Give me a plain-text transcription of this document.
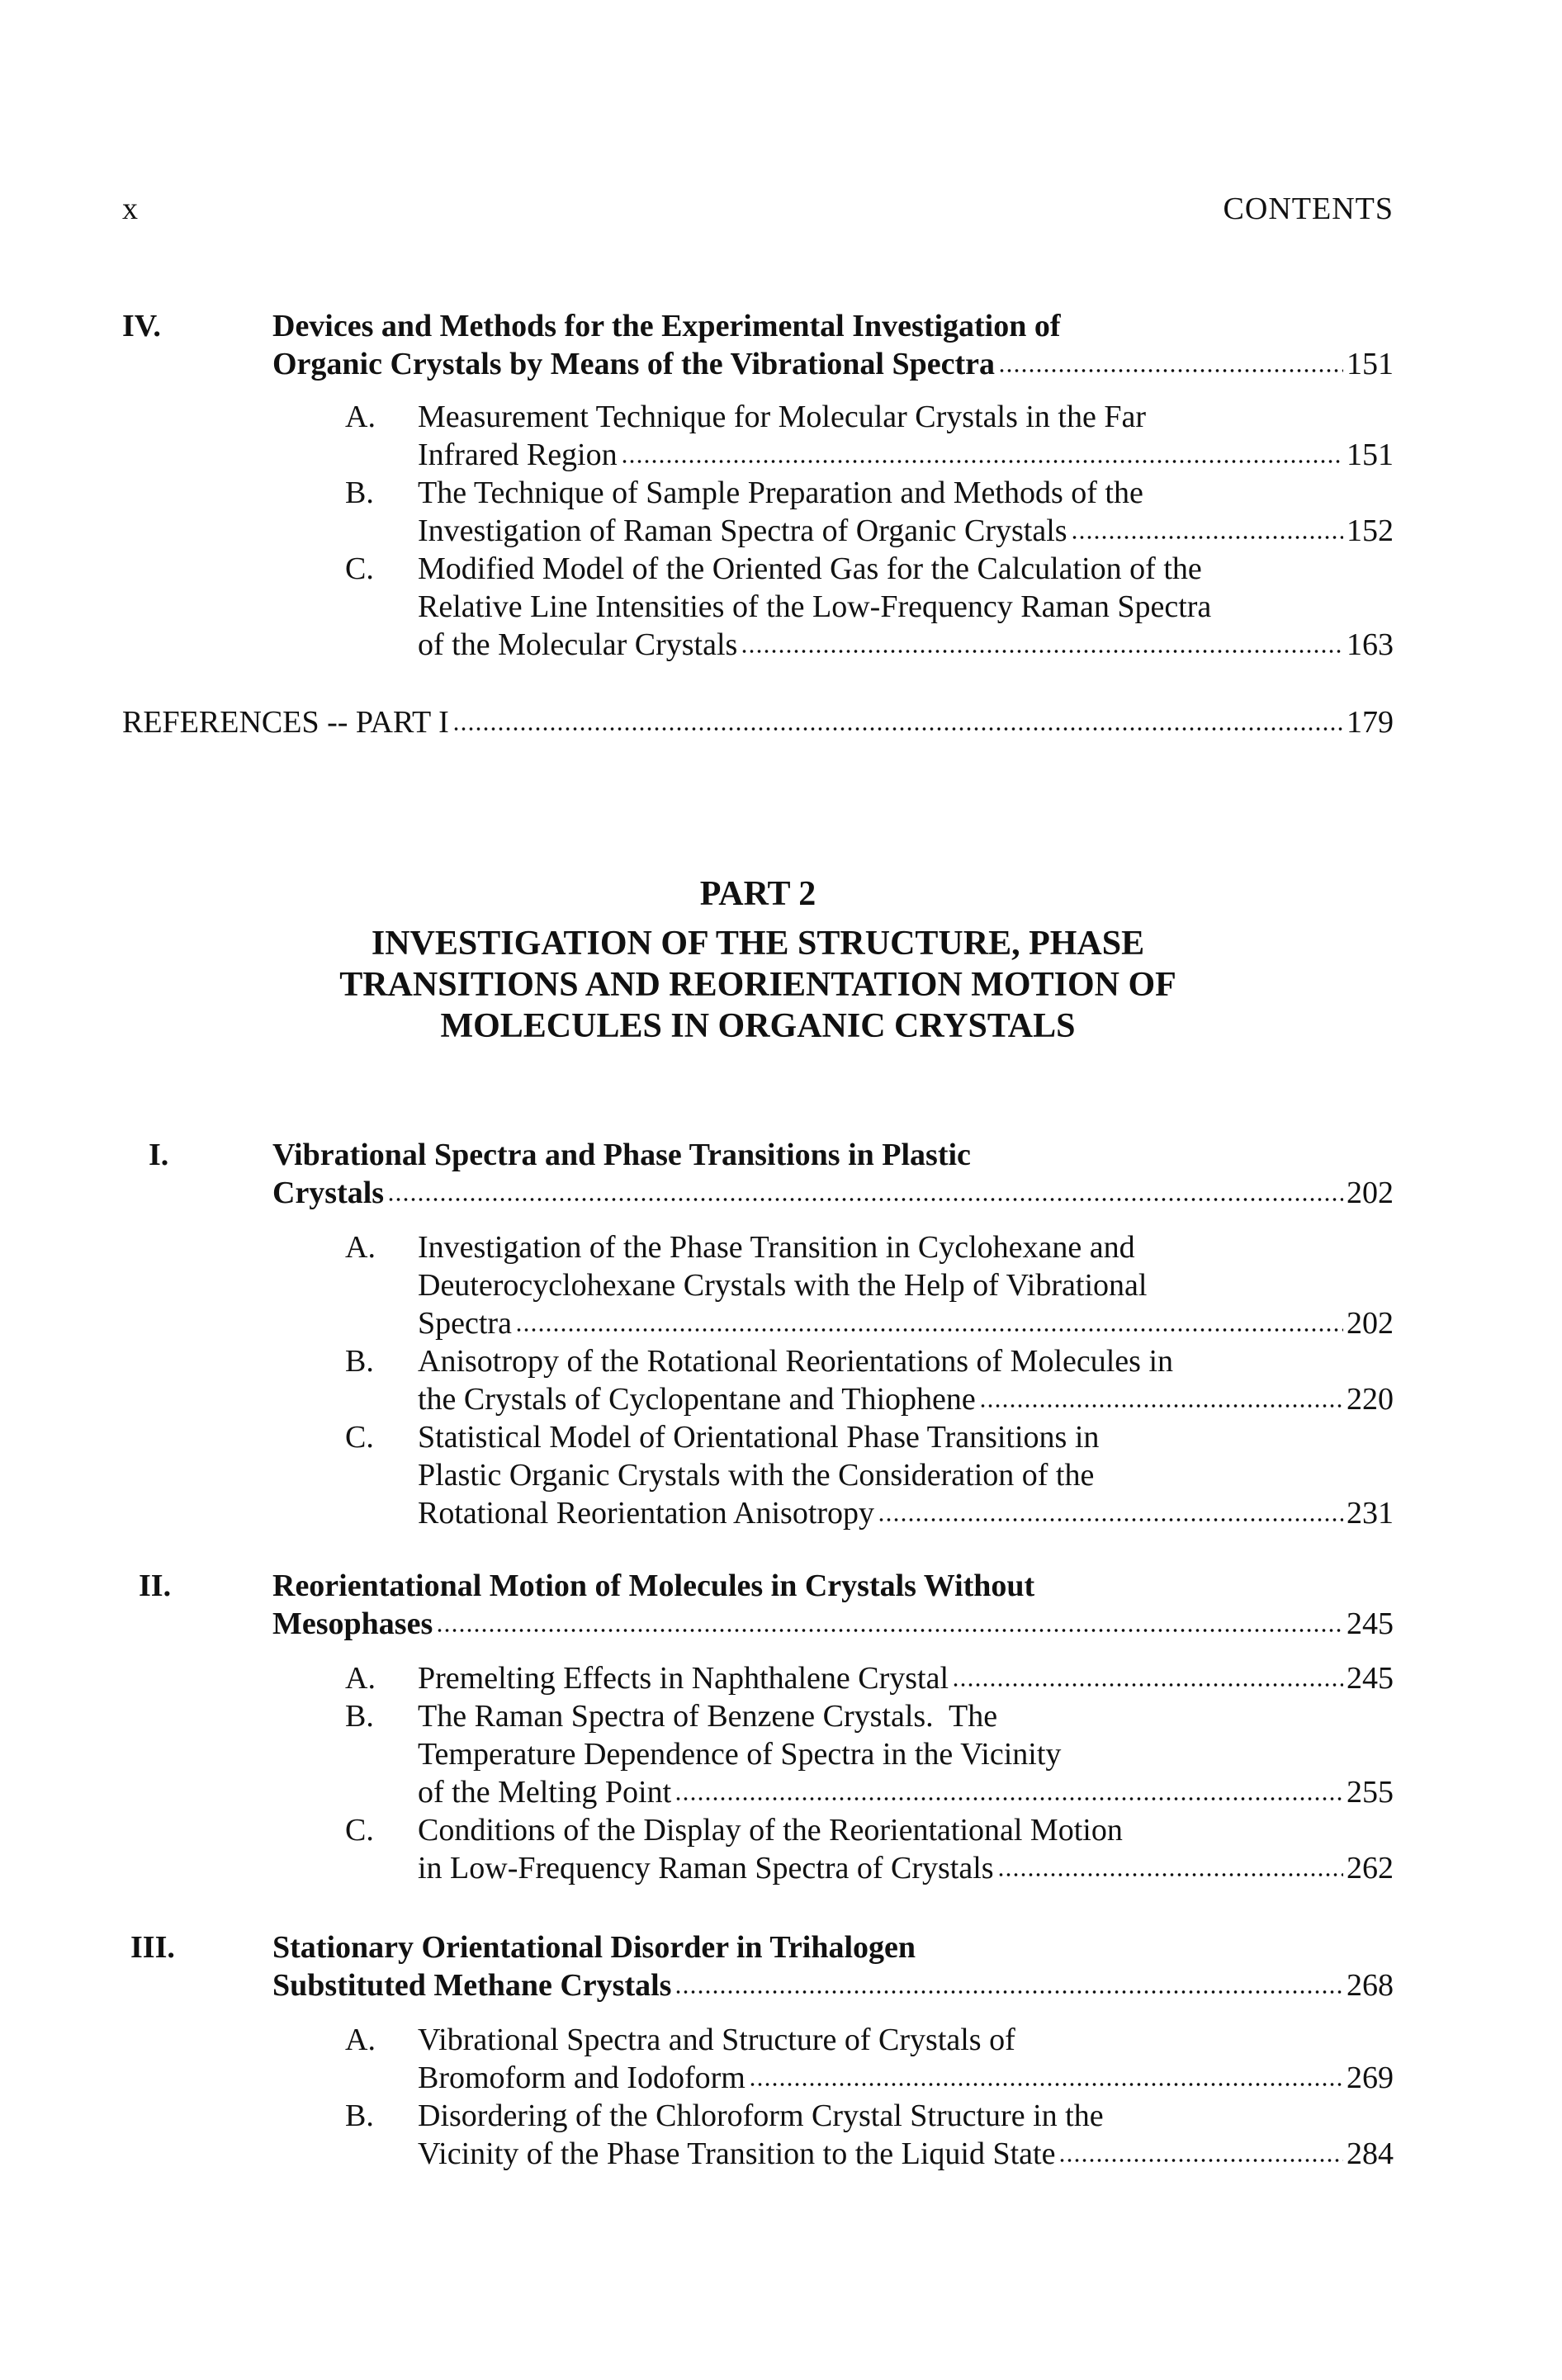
x	CONTENTS
IV.	Devices and Methods for the Experimental Investigation of
Organic Crystals by Means of the Vibrational Spectra	151
A. Measurement Technique for Molecular Crystals in the Far
Infrared Region	151
B. The Technique of Sample Preparation and Methods of the
Investigation of Raman Spectra of Organic Crystals	152
C. Modified Model of the Oriented Gas for the Calculation of the
Relative Line Intensities of the Low-Frequency Raman Spectra
of the Molecular Crystals	163
REFERENCES -- PART I	179
PART 2
INVESTIGATION OF THE STRUCTURE, PHASE
TRANSITIONS AND REORIENTATION MOTION OF
MOLECULES IN ORGANIC CRYSTALS
I.	Vibrational Spectra and Phase Transitions in Plastic
Crystals	202
A. Investigation of the Phase Transition in Cyclohexane and
Deuterocyclohexane Crystals with the Help of Vibrational
Spectra	202
B. Anisotropy of the Rotational Reorientations of Molecules in
the Crystals of Cyclopentane and Thiophene	220
C. Statistical Model of Orientational Phase Transitions in
Plastic Organic Crystals with the Consideration of the
Rotational Reorientation Anisotropy	231
II.	Reorientational Motion of Molecules in Crystals Without
Mesophases	245
A. Premelting Effects in Naphthalene Crystal	245
B. The Raman Spectra of Benzene Crystals.  The
Temperature Dependence of Spectra in the Vicinity
of the Melting Point	255
C. Conditions of the Display of the Reorientational Motion
in Low-Frequency Raman Spectra of Crystals	262
III.	Stationary Orientational Disorder in Trihalogen
Substituted Methane Crystals	268
A. Vibrational Spectra and Structure of Crystals of
Bromoform and Iodoform	269
B. Disordering of the Chloroform Crystal Structure in the
Vicinity of the Phase Transition to the Liquid State	284
